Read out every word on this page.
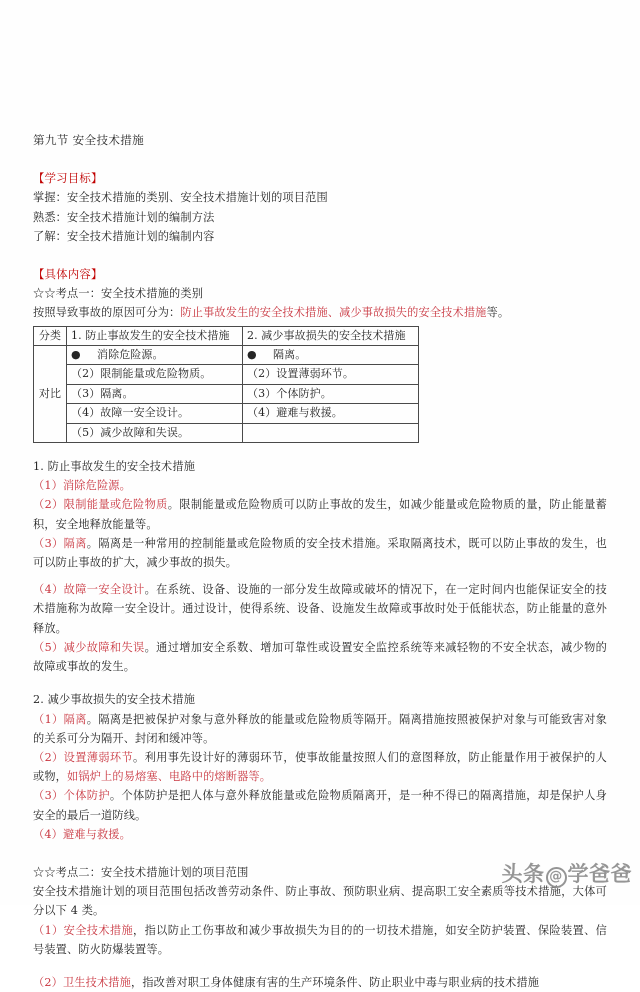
第九节 安全技术措施

【学习目标】

掌握：安全技术措施的类别、安全技术措施计划的项目范围

熟悉：安全技术措施计划的编制方法

了解：安全技术措施计划的编制内容

【具体内容】

☆☆考点一：安全技术措施的类别

按照导致事故的原因可分为：防止事故发生的安全技术措施、减少事故损失的安全技术措施等。

分类	1. 防止事故发生的安全技术措施	2. 减少事故损失的安全技术措施
对比	● 消除危险源。	● 隔离。
	（2）限制能量或危险物质。	（2）设置薄弱环节。
	（3）隔离。	（3）个体防护。
	（4）故障一安全设计。	（4）避难与救援。
	（5）减少故障和失误。	

1. 防止事故发生的安全技术措施

（1）消除危险源。

（2）限制能量或危险物质。限制能量或危险物质可以防止事故的发生，如减少能量或危险物质的量，防止能量蓄积，安全地释放能量等。

（3）隔离。隔离是一种常用的控制能量或危险物质的安全技术措施。采取隔离技术，既可以防止事故的发生，也可以防止事故的扩大，减少事故的损失。

（4）故障一安全设计。在系统、设备、设施的一部分发生故障或破坏的情况下，在一定时间内也能保证安全的技术措施称为故障一安全设计。通过设计，使得系统、设备、设施发生故障或事故时处于低能状态，防止能量的意外释放。

（5）减少故障和失误。通过增加安全系数、增加可靠性或设置安全监控系统等来减轻物的不安全状态，减少物的故障或事故的发生。

2. 减少事故损失的安全技术措施

（1）隔离。隔离是把被保护对象与意外释放的能量或危险物质等隔开。隔离措施按照被保护对象与可能致害对象的关系可分为隔开、封闭和缓冲等。

（2）设置薄弱环节。利用事先设计好的薄弱环节，使事故能量按照人们的意图释放，防止能量作用于被保护的人或物，如锅炉上的易熔塞、电路中的熔断器等。

（3）个体防护。个体防护是把人体与意外释放能量或危险物质隔离开，是一种不得已的隔离措施，却是保护人身安全的最后一道防线。

（4）避难与救援。

☆☆考点二：安全技术措施计划的项目范围

安全技术措施计划的项目范围包括改善劳动条件、防止事故、预防职业病、提高职工安全素质等技术措施，大体可分以下 4 类。

（1）安全技术措施，指以防止工伤事故和减少事故损失为目的的一切技术措施，如安全防护装置、保险装置、信号装置、防火防爆装置等。

（2）卫生技术措施，指改善对职工身体健康有害的生产环境条件、防止职业中毒与职业病的技术措施

头条 @ 学爸爸
